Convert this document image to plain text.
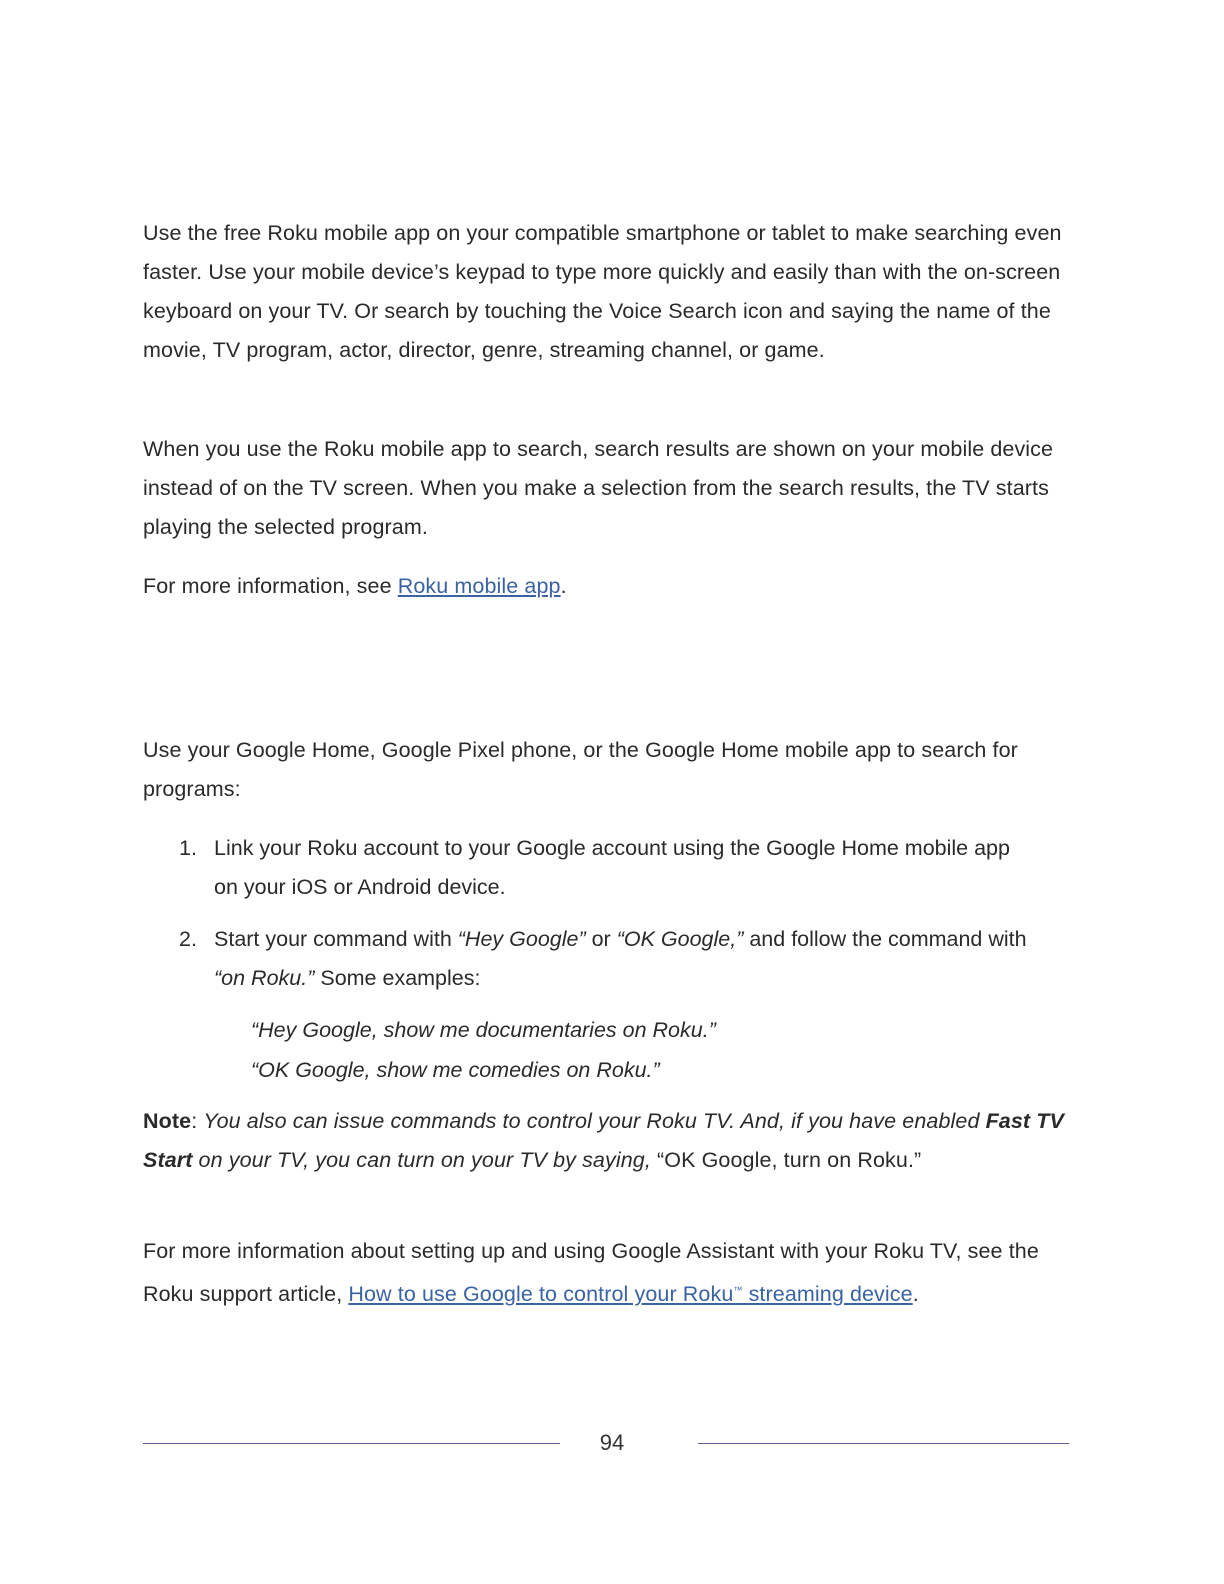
Use the free Roku mobile app on your compatible smartphone or tablet to make searching even faster. Use your mobile device’s keypad to type more quickly and easily than with the on-screen keyboard on your TV. Or search by touching the Voice Search icon and saying the name of the movie, TV program, actor, director, genre, streaming channel, or game.

When you use the Roku mobile app to search, search results are shown on your mobile device instead of on the TV screen. When you make a selection from the search results, the TV starts playing the selected program.

For more information, see Roku mobile app.

Use your Google Home, Google Pixel phone, or the Google Home mobile app to search for programs:

1. Link your Roku account to your Google account using the Google Home mobile app on your iOS or Android device.
2. Start your command with “Hey Google” or “OK Google,” and follow the command with “on Roku.” Some examples:
“Hey Google, show me documentaries on Roku.”
“OK Google, show me comedies on Roku.”

Note: You also can issue commands to control your Roku TV. And, if you have enabled Fast TV Start on your TV, you can turn on your TV by saying, “OK Google, turn on Roku.”

For more information about setting up and using Google Assistant with your Roku TV, see the Roku support article, How to use Google to control your Roku™ streaming device.

94
